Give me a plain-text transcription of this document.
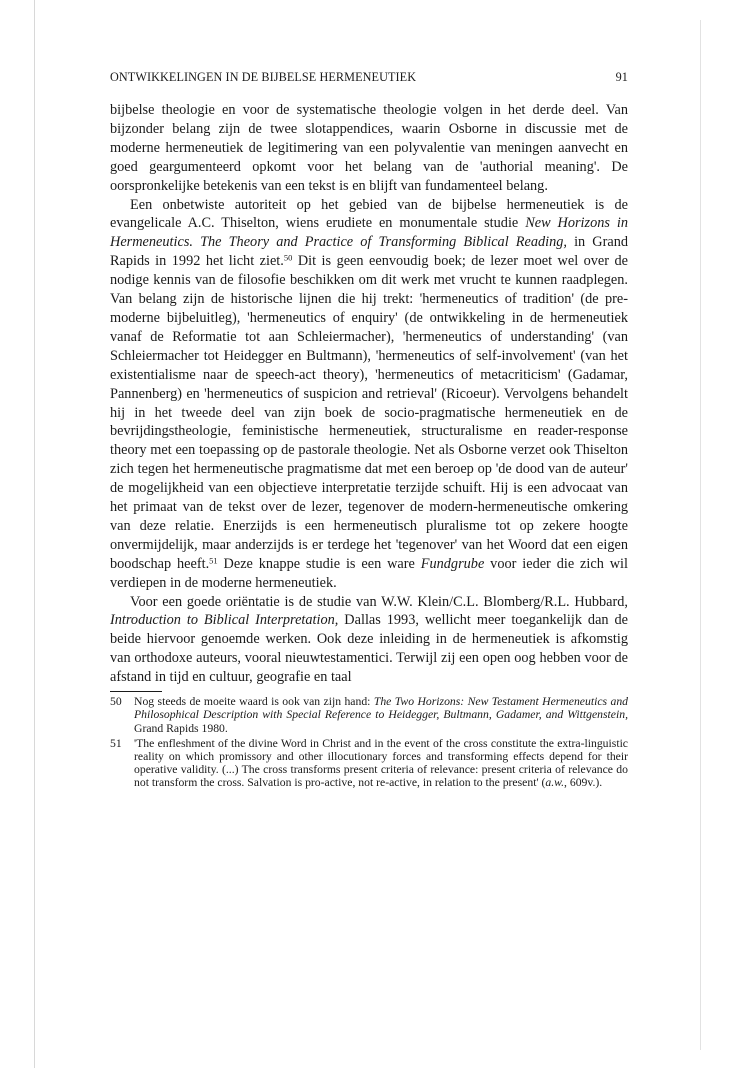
ONTWIKKELINGEN IN DE BIJBELSE HERMENEUTIEK	91

bijbelse theologie en voor de systematische theologie volgen in het derde deel. Van bijzonder belang zijn de twee slotappendices, waarin Osborne in discussie met de moderne hermeneutiek de legitimering van een polyvalentie van meningen aanvecht en goed geargumenteerd opkomt voor het belang van de 'authorial meaning'. De oorspronkelijke betekenis van een tekst is en blijft van fundamenteel belang.

Een onbetwiste autoriteit op het gebied van de bijbelse hermeneutiek is de evangelicale A.C. Thiselton, wiens erudiete en monumentale studie New Horizons in Hermeneutics. The Theory and Practice of Transforming Biblical Reading, in Grand Rapids in 1992 het licht ziet.$^{50}$ Dit is geen eenvoudig boek; de lezer moet wel over de nodige kennis van de filosofie beschikken om dit werk met vrucht te kunnen raadplegen. Van belang zijn de historische lijnen die hij trekt: 'hermeneutics of tradition' (de pre-moderne bijbeluitleg), 'hermeneutics of enquiry' (de ontwikkeling in de hermeneutiek vanaf de Reformatie tot aan Schleiermacher), 'hermeneutics of understanding' (van Schleiermacher tot Heidegger en Bultmann), 'hermeneutics of self-involvement' (van het existentialisme naar de speech-act theory), 'hermeneutics of metacriticism' (Gadamar, Pannenberg) en 'hermeneutics of suspicion and retrieval' (Ricoeur). Vervolgens behandelt hij in het tweede deel van zijn boek de socio-pragmatische hermeneutiek en de bevrijdingstheologie, feministische hermeneutiek, structuralisme en reader-response theory met een toepassing op de pastorale theologie. Net als Osborne verzet ook Thiselton zich tegen het hermeneutische pragmatisme dat met een beroep op 'de dood van de auteur' de mogelijkheid van een objectieve interpretatie terzijde schuift. Hij is een advocaat van het primaat van de tekst over de lezer, tegenover de modern-hermeneutische omkering van deze relatie. Enerzijds is een hermeneutisch pluralisme tot op zekere hoogte onvermijdelijk, maar anderzijds is er terdege het 'tegenover' van het Woord dat een eigen boodschap heeft.$^{51}$ Deze knappe studie is een ware Fundgrube voor ieder die zich wil verdiepen in de moderne hermeneutiek.

Voor een goede oriëntatie is de studie van W.W. Klein/C.L. Blomberg/R.L. Hubbard, Introduction to Biblical Interpretation, Dallas 1993, wellicht meer toegankelijk dan de beide hiervoor genoemde werken. Ook deze inleiding in de hermeneutiek is afkomstig van orthodoxe auteurs, vooral nieuwtestamentici. Terwijl zij een open oog hebben voor de afstand in tijd en cultuur, geografie en taal

50	Nog steeds de moeite waard is ook van zijn hand: The Two Horizons: New Testament Hermeneutics and Philosophical Description with Special Reference to Heidegger, Bultmann, Gadamer, and Wittgenstein, Grand Rapids 1980.
51	'The enfleshment of the divine Word in Christ and in the event of the cross constitute the extra-linguistic reality on which promissory and other illocutionary forces and transforming effects depend for their operative validity. (...) The cross transforms present criteria of relevance: present criteria of relevance do not transform the cross. Salvation is pro-active, not re-active, in relation to the present' (a.w., 609v.).
